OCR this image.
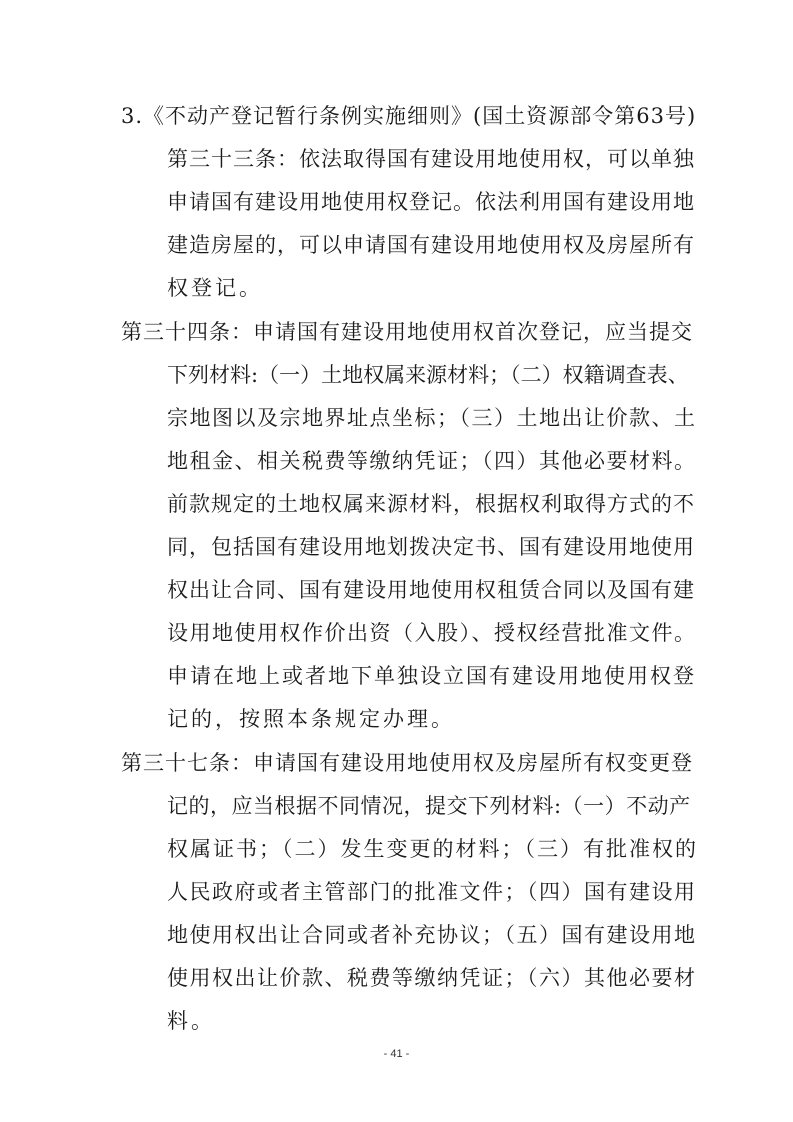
3.《不动产登记暂行条例实施细则》(国土资源部令第63号)
第三十三条：依法取得国有建设用地使用权，可以单独
申请国有建设用地使用权登记。依法利用国有建设用地
建造房屋的，可以申请国有建设用地使用权及房屋所有
权登记。
第三十四条：申请国有建设用地使用权首次登记，应当提交
下列材料:（一）土地权属来源材料；（二）权籍调查表、
宗地图以及宗地界址点坐标；（三）土地出让价款、土
地租金、相关税费等缴纳凭证；（四）其他必要材料。
前款规定的土地权属来源材料，根据权利取得方式的不
同，包括国有建设用地划拨决定书、国有建设用地使用
权出让合同、国有建设用地使用权租赁合同以及国有建
设用地使用权作价出资（入股）、授权经营批准文件。
申请在地上或者地下单独设立国有建设用地使用权登
记的，按照本条规定办理。
第三十七条：申请国有建设用地使用权及房屋所有权变更登
记的，应当根据不同情况，提交下列材料:（一）不动产
权属证书；（二）发生变更的材料；（三）有批准权的
人民政府或者主管部门的批准文件；（四）国有建设用
地使用权出让合同或者补充协议；（五）国有建设用地
使用权出让价款、税费等缴纳凭证；（六）其他必要材
料。
- 41 -
